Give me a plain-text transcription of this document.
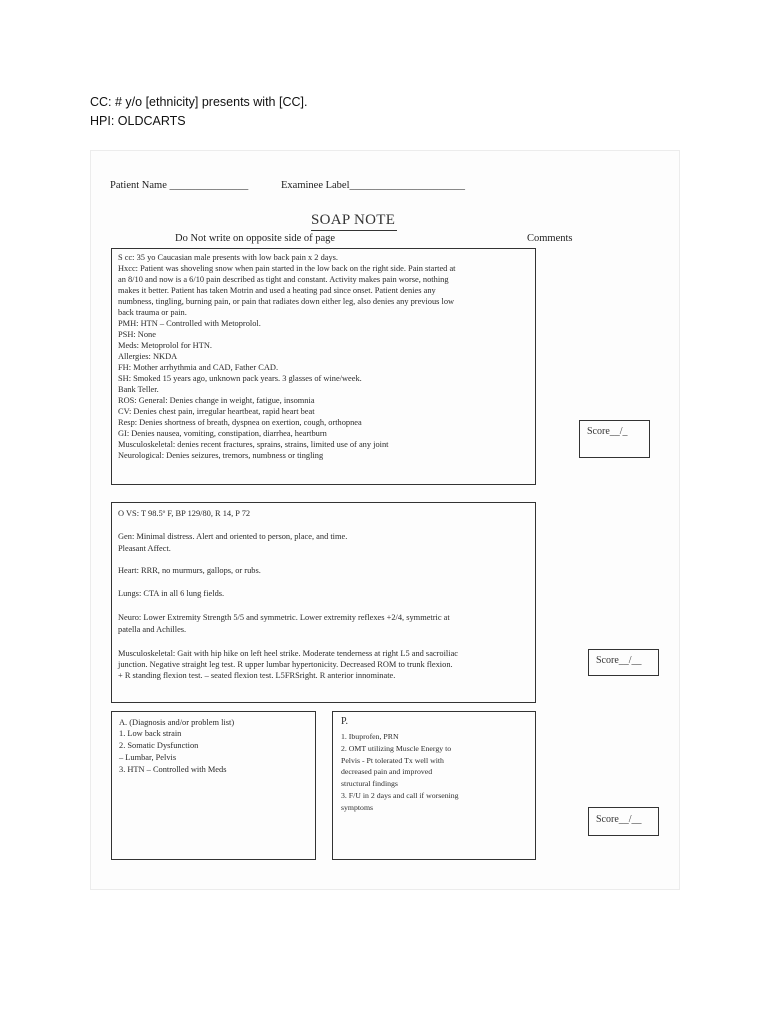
CC: # y/o [ethnicity] presents with [CC].
HPI: OLDCARTS
Patient Name _______________	Examinee Label______________________
SOAP NOTE
Do Not write on opposite side of page	Comments
S cc: 35 yo Caucasian male presents with low back pain x 2 days.
Hxcc: Patient was shoveling snow when pain started in the low back on the right side. Pain started at
an 8/10 and now is a 6/10 pain described as tight and constant. Activity makes pain worse, nothing
makes it better. Patient has taken Motrin and used a heating pad since onset. Patient denies any
numbness, tingling, burning pain, or pain that radiates down either leg, also denies any previous low
back trauma or pain.
PMH: HTN – Controlled with Metoprolol.
PSH: None
Meds: Metoprolol for HTN.
Allergies: NKDA
FH: Mother arrhythmia and CAD, Father CAD.
SH: Smoked 15 years ago, unknown pack years. 3 glasses of wine/week.
Bank Teller.
ROS: General: Denies change in weight, fatigue, insomnia
CV: Denies chest pain, irregular heartbeat, rapid heart beat
Resp: Denies shortness of breath, dyspnea on exertion, cough, orthopnea
GI: Denies nausea, vomiting, constipation, diarrhea, heartburn
Musculoskeletal: denies recent fractures, sprains, strains, limited use of any joint
Neurological: Denies seizures, tremors, numbness or tingling
Score__/_
O VS: T 98.5º F, BP 129/80, R 14, P 72
Gen: Minimal distress. Alert and oriented to person, place, and time.
Pleasant Affect.
Heart: RRR, no murmurs, gallops, or rubs.
Lungs: CTA in all 6 lung fields.
Neuro: Lower Extremity Strength 5/5 and symmetric. Lower extremity reflexes +2/4, symmetric at
patella and Achilles.
Musculoskeletal: Gait with hip hike on left heel strike. Moderate tenderness at right L5 and sacroiliac
junction. Negative straight leg test. R upper lumbar hypertonicity. Decreased ROM to trunk flexion.
+ R standing flexion test. – seated flexion test. L5FRSright. R anterior innominate.
Score__/__
A. (Diagnosis and/or problem list)
1. Low back strain
2. Somatic Dysfunction
– Lumbar, Pelvis
3. HTN – Controlled with Meds
P.
1. Ibuprofen, PRN
2. OMT utilizing Muscle Energy to
Pelvis - Pt tolerated Tx well with
decreased pain and improved
structural findings
3. F/U in 2 days and call if worsening
symptoms
Score__/__
